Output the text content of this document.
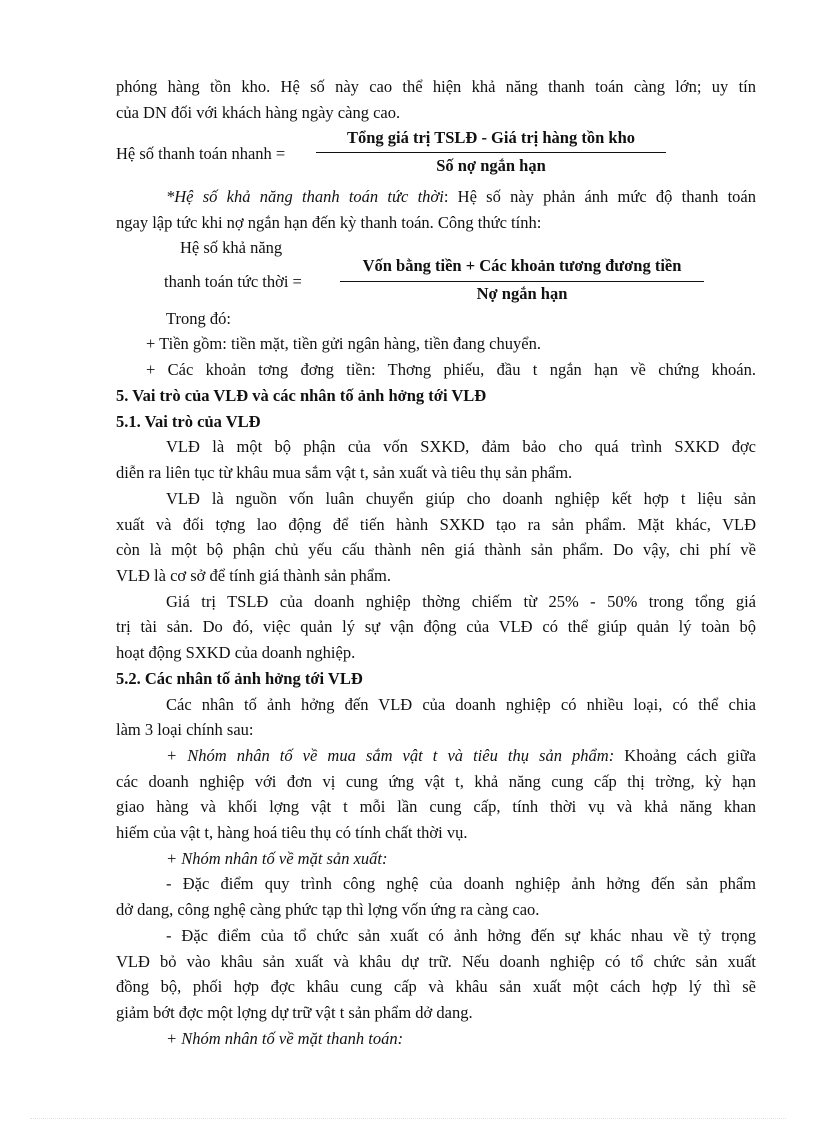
phóng hàng tồn kho. Hệ số này cao thể hiện khả năng thanh toán càng lớn; uy tín
của DN đối với khách hàng ngày càng cao.
Hệ số thanh toán nhanh =
Tổng giá trị TSLĐ - Giá trị hàng tồn kho
Số nợ ngắn hạn
*Hệ số khả năng thanh toán tức thời: Hệ số này phản ánh mức độ thanh toán
ngay lập tức khi nợ ngắn hạn đến kỳ thanh toán. Công thức tính:
Hệ số khả năng
thanh toán tức thời =
Vốn bằng tiền + Các khoản tương đương tiền
Nợ ngắn hạn
Trong đó:
+ Tiền gồm: tiền mặt, tiền gửi ngân hàng, tiền đang chuyển.
+ Các khoản tơng đơng tiền: Thơng phiếu, đầu t ngắn hạn về chứng khoán.
5. Vai trò của VLĐ và các nhân tố ảnh hởng tới VLĐ
5.1. Vai trò của VLĐ
VLĐ là một bộ phận của vốn SXKD, đảm bảo cho quá trình SXKD đợc
diễn ra liên tục từ khâu mua sắm vật t, sản xuất và tiêu thụ sản phẩm.
VLĐ là nguồn vốn luân chuyển giúp cho doanh nghiệp kết hợp t liệu sản
xuất và đối tợng lao động để tiến hành SXKD tạo ra sản phẩm. Mặt khác, VLĐ
còn là một bộ phận chủ yếu cấu thành nên giá thành sản phẩm. Do vậy, chi phí về
VLĐ là cơ sở để tính giá thành sản phẩm.
Giá trị TSLĐ của doanh nghiệp thờng chiếm từ 25% - 50% trong tổng giá
trị tài sản. Do đó, việc quản lý sự vận động của VLĐ có thể giúp quản lý toàn bộ
hoạt động SXKD của doanh nghiệp.
5.2. Các nhân tố ảnh hởng tới VLĐ
Các nhân tố ảnh hởng đến VLĐ của doanh nghiệp có nhiều loại, có thể chia
làm 3 loại chính sau:
+ Nhóm nhân tố về mua sắm vật t và tiêu thụ sản phẩm: Khoảng cách giữa
các doanh nghiệp với đơn vị cung ứng vật t, khả năng cung cấp thị trờng, kỳ hạn
giao hàng và khối lợng vật t mỗi lần cung cấp, tính thời vụ và khả năng khan
hiếm của vật t, hàng hoá tiêu thụ có tính chất thời vụ.
+ Nhóm nhân tố về mặt sản xuất:
- Đặc điểm quy trình công nghệ của doanh nghiệp ảnh hởng đến sản phẩm
dở dang, công nghệ càng phức tạp thì lợng vốn ứng ra càng cao.
- Đặc điểm của tổ chức sản xuất có ảnh hởng đến sự khác nhau về tỷ trọng
VLĐ bỏ vào khâu sản xuất và khâu dự trữ. Nếu doanh nghiệp có tổ chức sản xuất
đồng bộ, phối hợp đợc khâu cung cấp và khâu sản xuất một cách hợp lý thì sẽ
giảm bớt đợc một lợng dự trữ vật t sản phẩm dở dang.
+ Nhóm nhân tố về mặt thanh toán:
